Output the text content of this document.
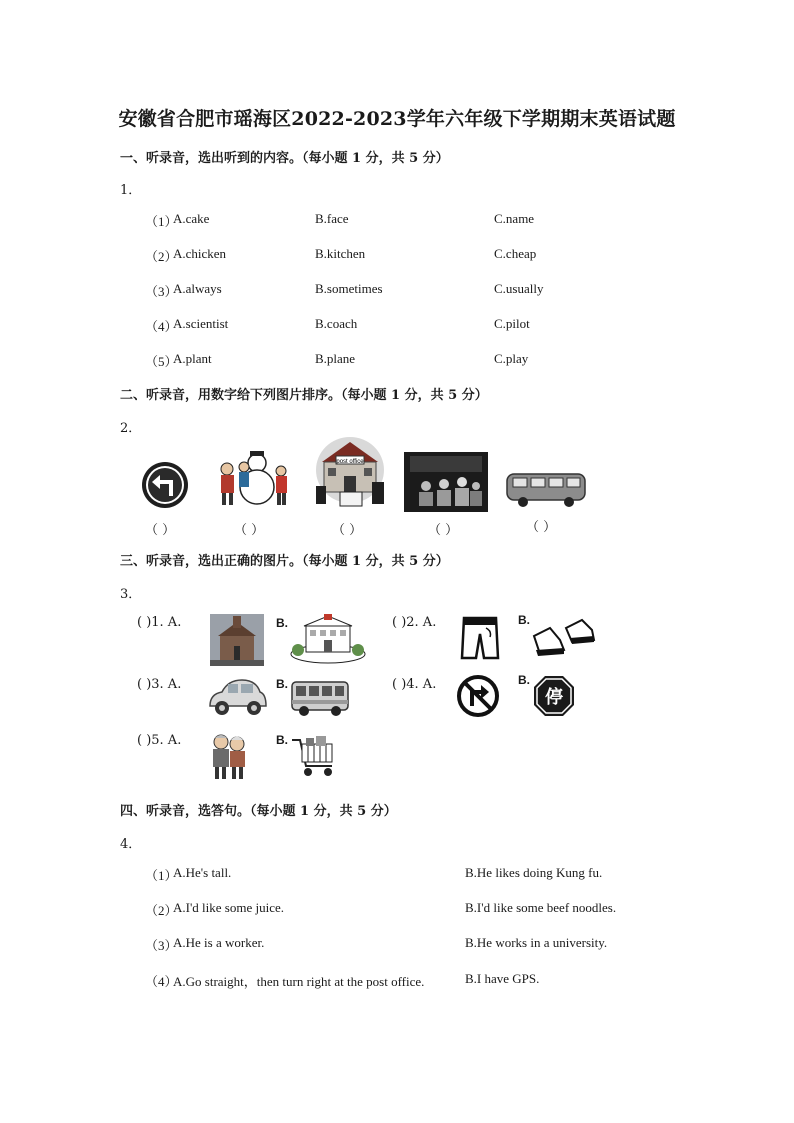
安徽省合肥市瑶海区2022-2023学年六年级下学期期末英语试题
一、听录音，选出听到的内容。（每小题 1 分，共 5 分）
1．
（1）
A.cake	B.face	C.name
（2）
A.chicken	B.kitchen	C.cheap
（3）
A.always	B.sometimes	C.usually
（4）
A.scientist	B.coach	C.pilot
（5）
A.plant	B.plane	C.play
二、听录音，用数字给下列图片排序。（每小题 1 分，共 5 分）
2．
post office
（ ）	（ ）	（ ）	（ ）	（ ）
三、听录音，选出正确的图片。（每小题 1 分，共 5 分）
3．
( )1. A.	B.	( )2. A.	B.
( )3. A.	B.	( )4. A.	B.
停
( )5. A.	B.
四、听录音，选答句。（每小题 1 分，共 5 分）
4．
（1）
A.He's tall.	B.He likes doing Kung fu.
（2）
A.I'd like some juice.	B.I'd like some beef noodles.
（3）
A.He is a worker.	B.He works in a university.
（4）
A.Go straight，then turn right at the post office.	B.I have GPS.
